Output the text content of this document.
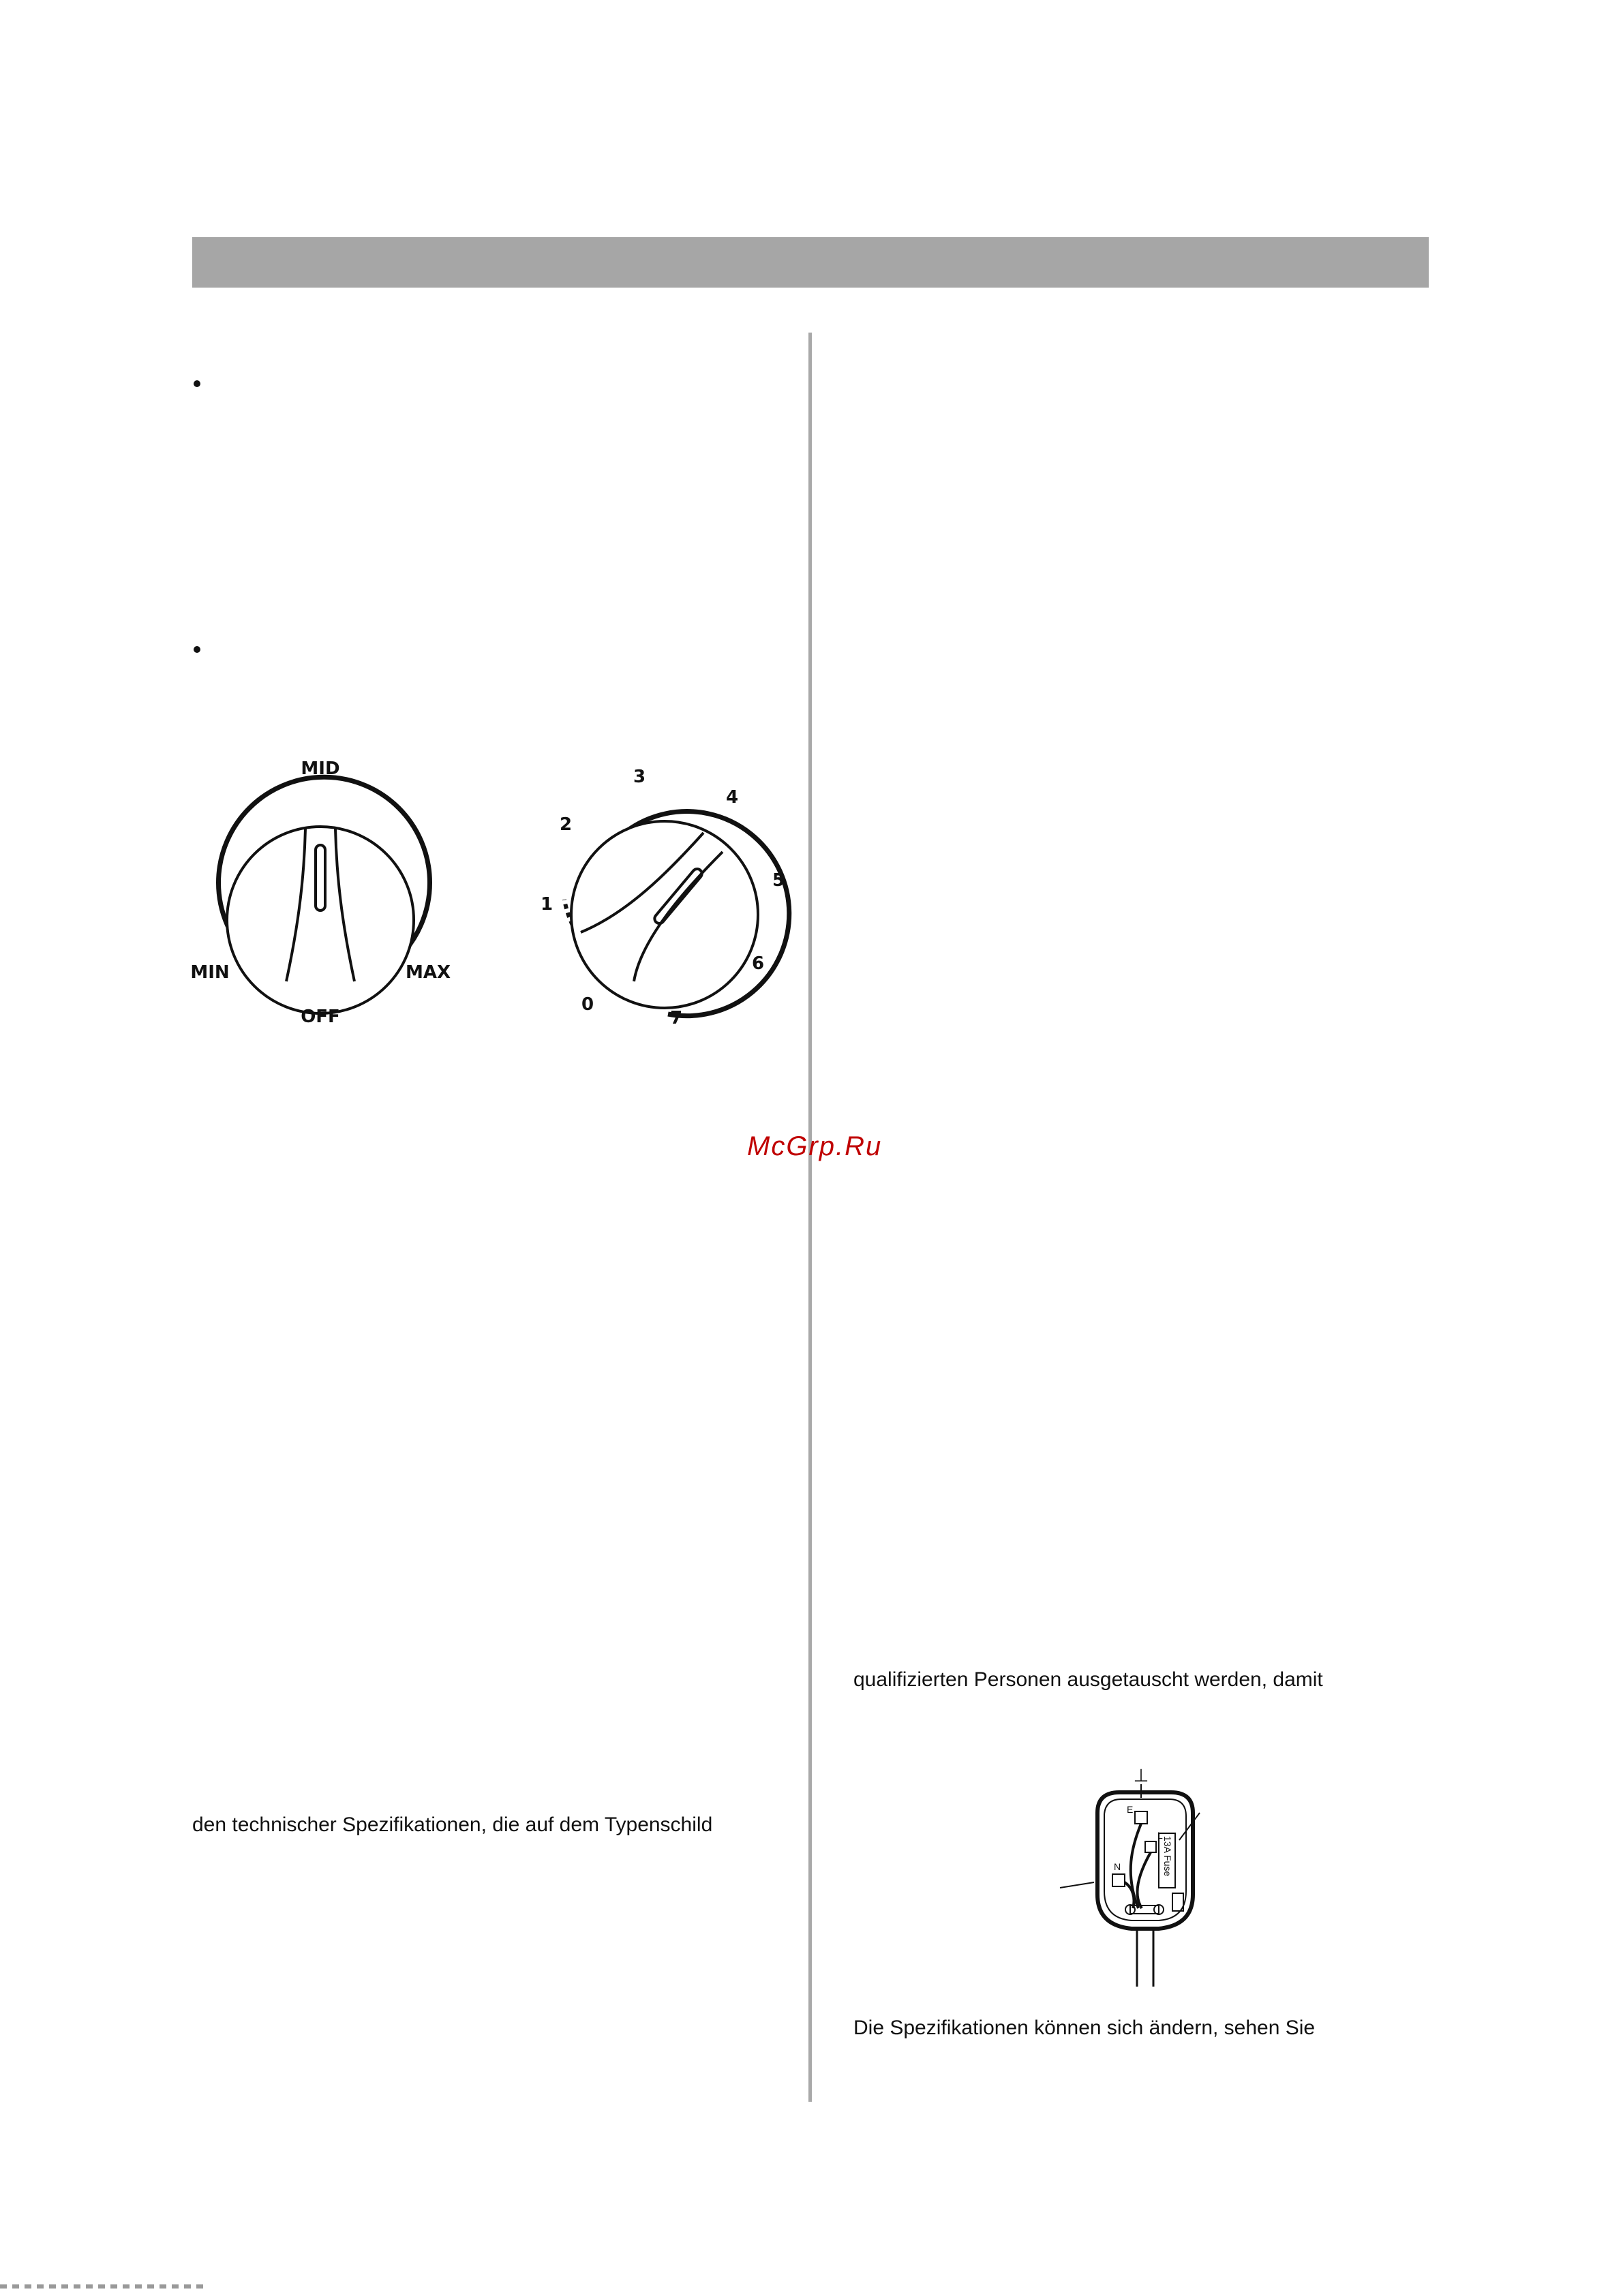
MID
MIN	MAX
OFF
0
1
2
3
4
5
6
7
McGrp.Ru
den technischer Spezifikationen, die auf dem Typenschild
qualifizierten Personen ausgetauscht werden, damit
Die Spezifikationen können sich ändern, sehen Sie
⊥
E
N
L
13A Fuse
